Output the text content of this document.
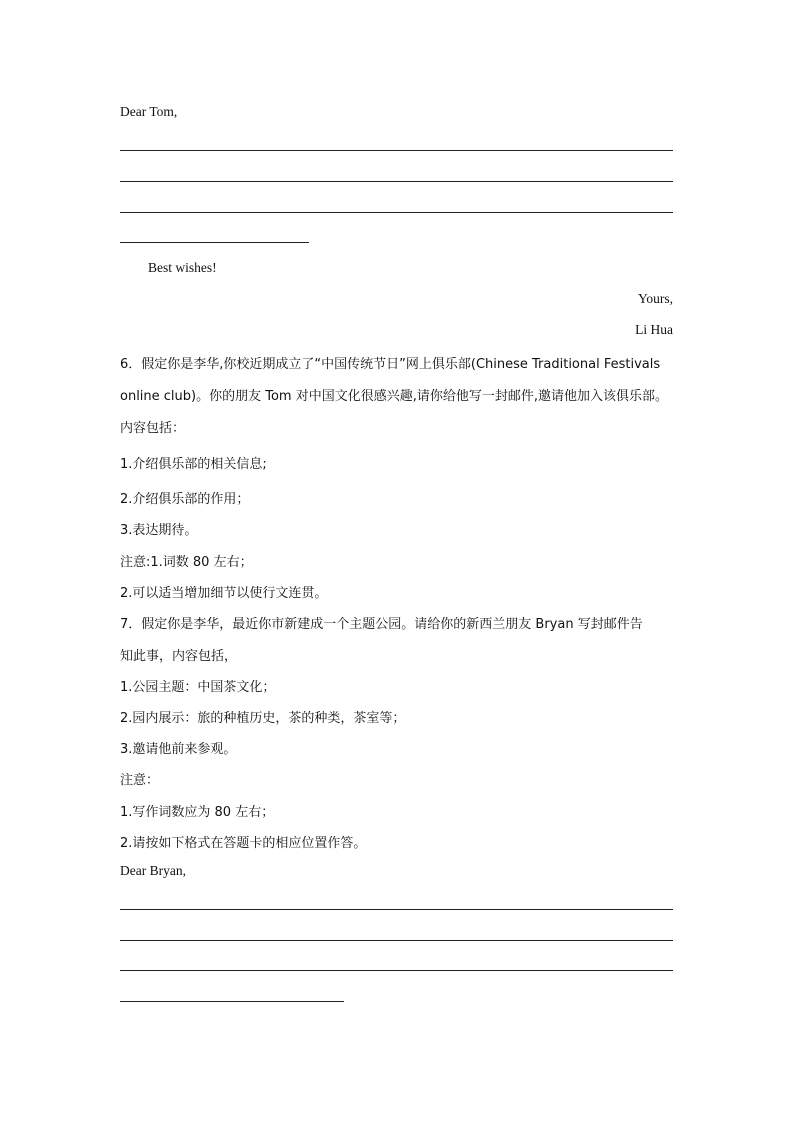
Dear Tom,
Best wishes!
Yours,
Li Hua
6．假定你是李华,你校近期成立了“中国传统节日”网上俱乐部(Chinese Traditional Festivals
online club)。你的朋友 Tom 对中国文化很感兴趣,请你给他写一封邮件,邀请他加入该俱乐部。
内容包括：
1.介绍俱乐部的相关信息;
2.介绍俱乐部的作用；
3.表达期待。
注意:1.词数 80 左右；
2.可以适当增加细节以使行文连贯。
7．假定你是李华，最近你市新建成一个主题公园。请给你的新西兰朋友 Bryan 写封邮件告
知此事，内容包括，
1.公园主题：中国茶文化；
2.园内展示：旅的种植历史，茶的种类，茶室等；
3.邀请他前来参观。
注意：
1.写作词数应为 80 左右；
2.请按如下格式在答题卡的相应位置作答。
Dear Bryan,
